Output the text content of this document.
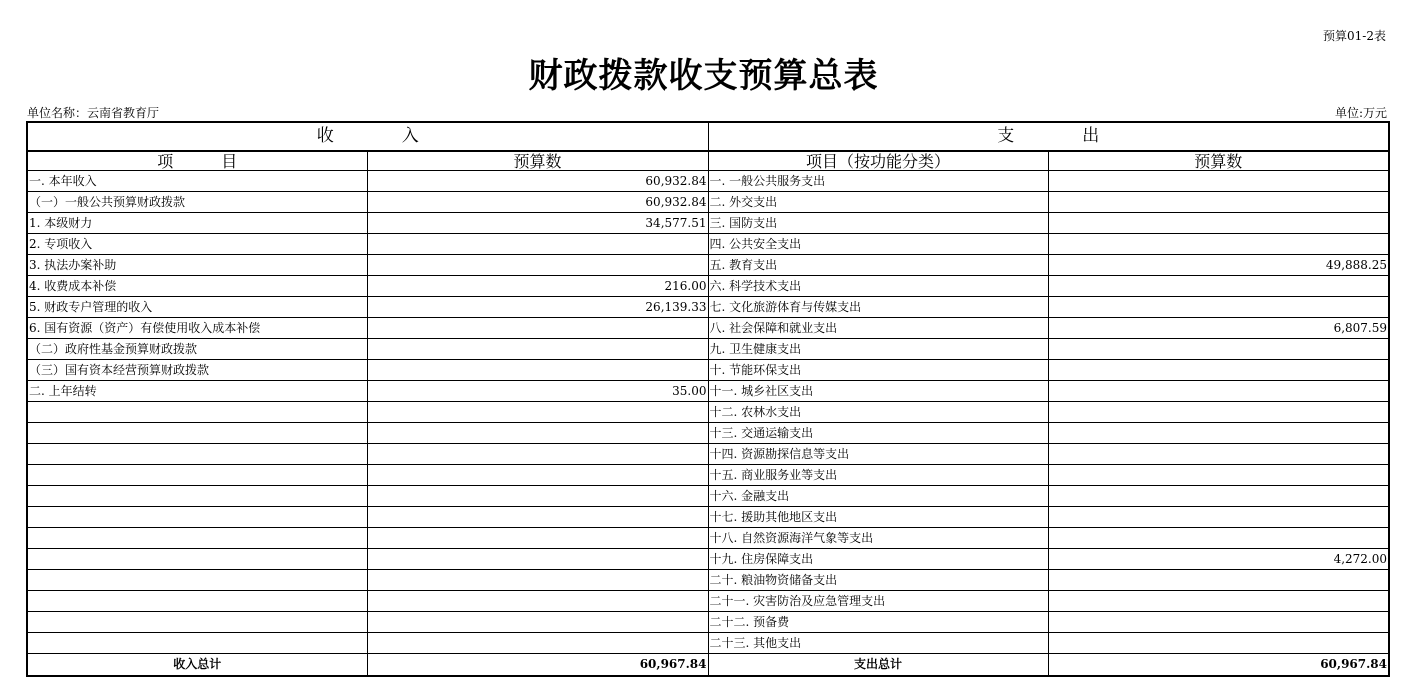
预算01-2表
财政拨款收支预算总表
单位名称：云南省教育厅	单位:万元
收　　　　入		支　　　　出	
项　　　目	预算数	项目（按功能分类）	预算数
一. 本年收入	60,932.84	一. 一般公共服务支出	
（一）一般公共预算财政拨款	60,932.84	二. 外交支出	
1. 本级财力	34,577.51	三. 国防支出	
2. 专项收入		四. 公共安全支出	
3. 执法办案补助		五. 教育支出	49,888.25
4. 收费成本补偿	216.00	六. 科学技术支出	
5. 财政专户管理的收入	26,139.33	七. 文化旅游体育与传媒支出	
6. 国有资源（资产）有偿使用收入成本补偿		八. 社会保障和就业支出	6,807.59
（二）政府性基金预算财政拨款		九. 卫生健康支出	
（三）国有资本经营预算财政拨款		十. 节能环保支出	
二. 上年结转	35.00	十一. 城乡社区支出	
		十二. 农林水支出	
		十三. 交通运输支出	
		十四. 资源勘探信息等支出	
		十五. 商业服务业等支出	
		十六. 金融支出	
		十七. 援助其他地区支出	
		十八. 自然资源海洋气象等支出	
		十九. 住房保障支出	4,272.00
		二十. 粮油物资储备支出	
		二十一. 灾害防治及应急管理支出	
		二十二. 预备费	
		二十三. 其他支出	
收入总计	60,967.84	支出总计	60,967.84
